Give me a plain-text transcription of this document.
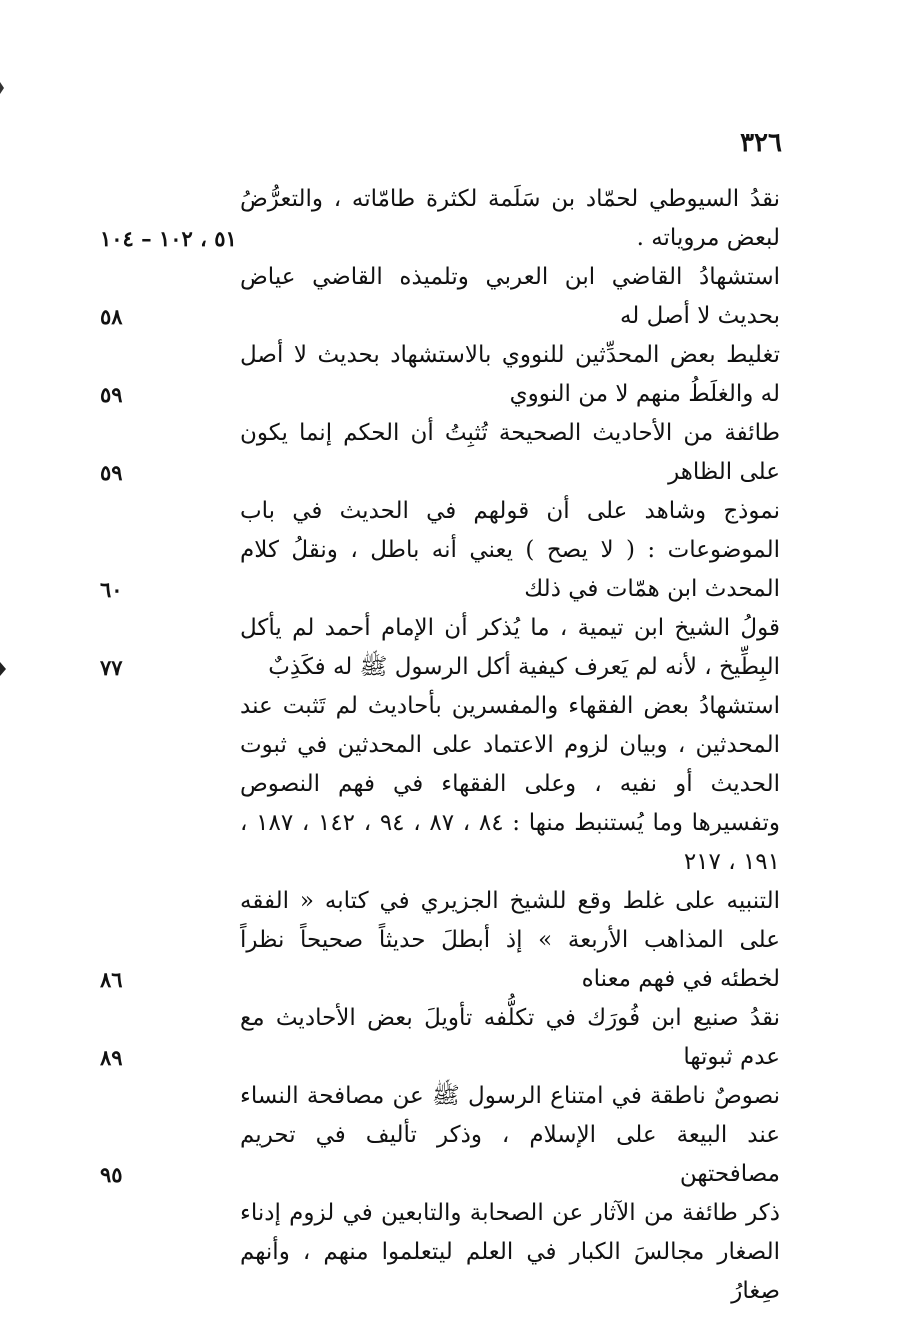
٣٢٦
نقدُ السيوطي لحمّاد بن سَلَمة لكثرة طامّاته ، والتعرُّضُ لبعض مروياته .
٥١ ، ١٠٢ – ١٠٤
استشهادُ القاضي ابن العربي وتلميذه القاضي عياض بحديث لا أصل له
٥٨
تغليط بعض المحدِّثين للنووي بالاستشهاد بحديث لا أصل له والغلَطُ منهم لا من النووي
٥٩
طائفة من الأحاديث الصحيحة تُثبِتُ أن الحكم إنما يكون على الظاهر
٥٩
نموذج وشاهد على أن قولهم في الحديث في باب الموضوعات : ( لا يصح ) يعني أنه باطل ، ونقلُ كلام المحدث ابن همّات في ذلك
٦٠
قولُ الشيخ ابن تيمية ، ما يُذكر أن الإمام أحمد لم يأكل البِطِّيخ ، لأنه لم يَعرف كيفية أكل الرسول ﷺ له فكَذِبٌ
٧٧
استشهادُ بعض الفقهاء والمفسرين بأحاديث لم تَثبت عند المحدثين ، وبيان لزوم الاعتماد على المحدثين في ثبوت الحديث أو نفيه ، وعلى الفقهاء في فهم النصوص وتفسيرها وما يُستنبط منها : ٨٤ ، ٨٧ ، ٩٤ ، ١٤٢ ، ١٨٧ ، ١٩١ ، ٢١٧
التنبيه على غلط وقع للشيخ الجزيري في كتابه « الفقه على المذاهب الأربعة » إذ أبطلَ حديثاً صحيحاً نظراً لخطئه في فهم معناه
٨٦
نقدُ صنيع ابن فُورَك في تكلُّفه تأويلَ بعض الأحاديث مع عدم ثبوتها
٨٩
نصوصٌ ناطقة في امتناع الرسول ﷺ عن مصافحة النساء عند البيعة على الإسلام ، وذكر تأليف في تحريم مصافحتهن
٩٥
ذكر طائفة من الآثار عن الصحابة والتابعين في لزوم إدناء الصغار مجالسَ الكبار في العلم ليتعلموا منهم ، وأنهم صِغارُ
